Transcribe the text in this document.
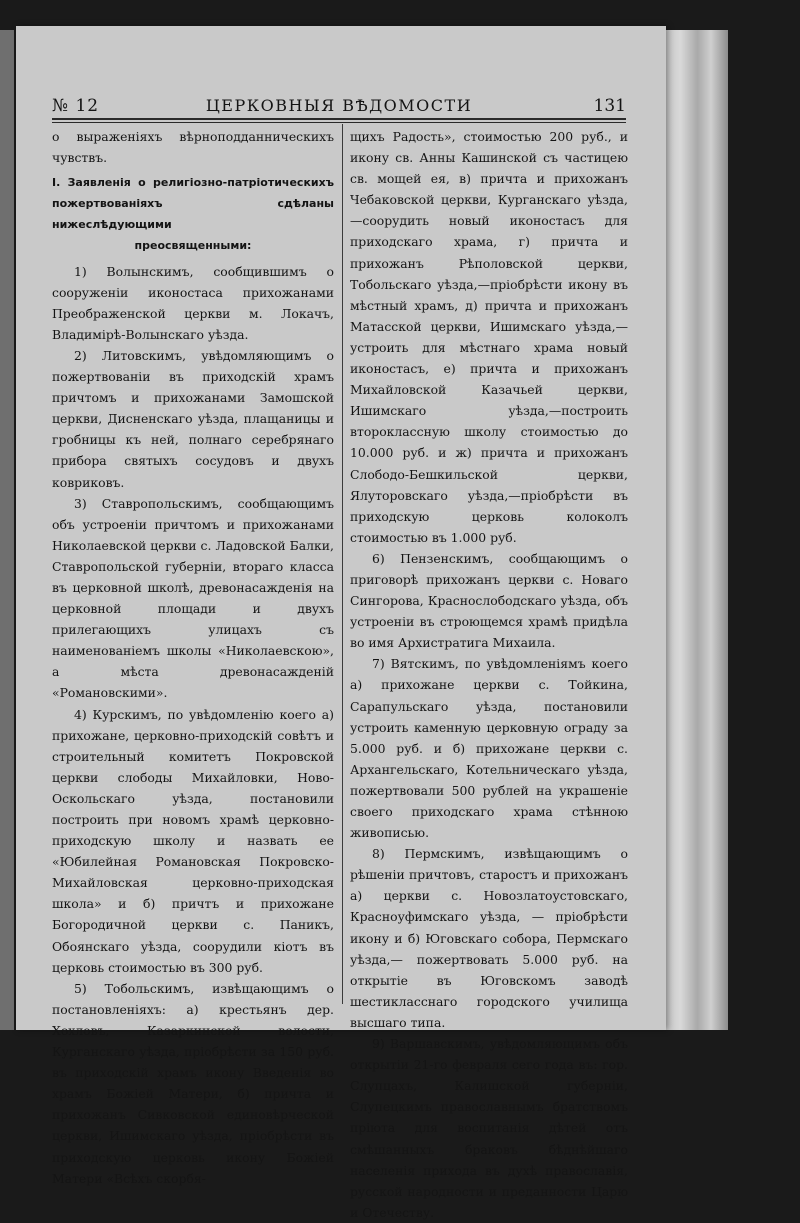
№ 12	ЦЕРКОВНЫЯ ВѢДОМОСТИ	131

о выраженіяхъ вѣрноподданническихъ чувствъ.

I. Заявленія о религіозно-патріотическихъ пожертвованіяхъ сдѣланы нижеслѣдующими

преосвященными:

1) Волынскимъ, сообщившимъ о сооруженіи иконостаса прихожанами Преображенской церкви м. Локачъ, Владимірѣ-Волынскаго уѣзда.

2) Литовскимъ, увѣдомляющимъ о пожертвованіи въ приходскій храмъ причтомъ и прихожанами Замошской церкви, Дисненскаго уѣзда, плащаницы и гробницы къ ней, полнаго серебрянаго прибора святыхъ сосудовъ и двухъ ковриковъ.

3) Ставропольскимъ, сообщающимъ объ устроеніи причтомъ и прихожанами Николаевской церкви с. Ладовской Балки, Ставропольской губерніи, втораго класса въ церковной школѣ, древонасажденія на церковной площади и двухъ прилегающихъ улицахъ съ наименованіемъ школы «Николаевскою», а мѣста древонасажденій «Романовскими».

4) Курскимъ, по увѣдомленію коего а) прихожане, церковно-приходскій совѣтъ и строительный комитетъ Покровской церкви слободы Михайловки, Ново-Оскольскаго уѣзда, постановили построить при новомъ храмѣ церковно-приходскую школу и назвать ее «Юбилейная Романовская Покровско-Михайловская церковно-приходская школа» и б) причтъ и прихожане Богородичной церкви с. Паникъ, Обоянскаго уѣзда, соорудили кіотъ въ церковь стоимостью въ 300 руб.

5) Тобольскимъ, извѣщающимъ о постановленіяхъ: а) крестьянъ дер. Хохловъ, Казаркинской волости, Курганскаго уѣзда, пріобрѣсти за 150 руб. въ приходскій храмъ икону Введенія во храмъ Божіей Матери, б) причта и прихожанъ Сивковской единовѣрческой церкви, Ишимскаго уѣзда, пріобрѣсти въ приходскую церковь икону Божіей Матери «Всѣхъ скорбя-

щихъ Радость», стоимостью 200 руб., и икону св. Анны Кашинской съ частицею св. мощей ея, в) причта и прихожанъ Чебаковской церкви, Курганскаго уѣзда,—соорудить новый иконостасъ для приходскаго храма, г) причта и прихожанъ Рѣполовской церкви, Тобольскаго уѣзда,—пріобрѣсти икону въ мѣстный храмъ, д) причта и прихожанъ Матасской церкви, Ишимскаго уѣзда,—устроить для мѣстнаго храма новый иконостасъ, е) причта и прихожанъ Михайловской Казачьей церкви, Ишимскаго уѣзда,—построить второклассную школу стоимостью до 10.000 руб. и ж) причта и прихожанъ Слободо-Бешкильской церкви, Ялуторовскаго уѣзда,—пріобрѣсти въ приходскую церковь колоколъ стоимостью въ 1.000 руб.

6) Пензенскимъ, сообщающимъ о приговорѣ прихожанъ церкви с. Новаго Сингорова, Краснослободскаго уѣзда, объ устроеніи въ строющемся храмѣ придѣла во имя Архистратига Михаила.

7) Вятскимъ, по увѣдомленіямъ коего а) прихожане церкви с. Тойкина, Сарапульскаго уѣзда, постановили устроить каменную церковную ограду за 5.000 руб. и б) прихожане церкви с. Архангельскаго, Котельническаго уѣзда, пожертвовали 500 рублей на украшеніе своего приходскаго храма стѣнною живописью.

8) Пермскимъ, извѣщающимъ о рѣшеніи причтовъ, старостъ и прихожанъ а) церкви с. Новозлатоустовскаго, Красноуфимскаго уѣзда, — пріобрѣсти икону и б) Юговскаго собора, Пермскаго уѣзда,— пожертвовать 5.000 руб. на открытіе въ Юговскомъ заводѣ шестиклacснаго городского училища высшаго типа.

9) Варшавскимъ, увѣдомляющимъ объ открытіи 21-го февраля сего года въ: гор. Слупцахъ, Калишской губерніи, Слупецкимъ православнымъ братствомъ пріюта для воспитанія дѣтей отъ смѣшанныхъ браковъ бѣднѣйшаго населенія прихода въ духѣ православія, русской народности и преданности Царю и Отечеству.
